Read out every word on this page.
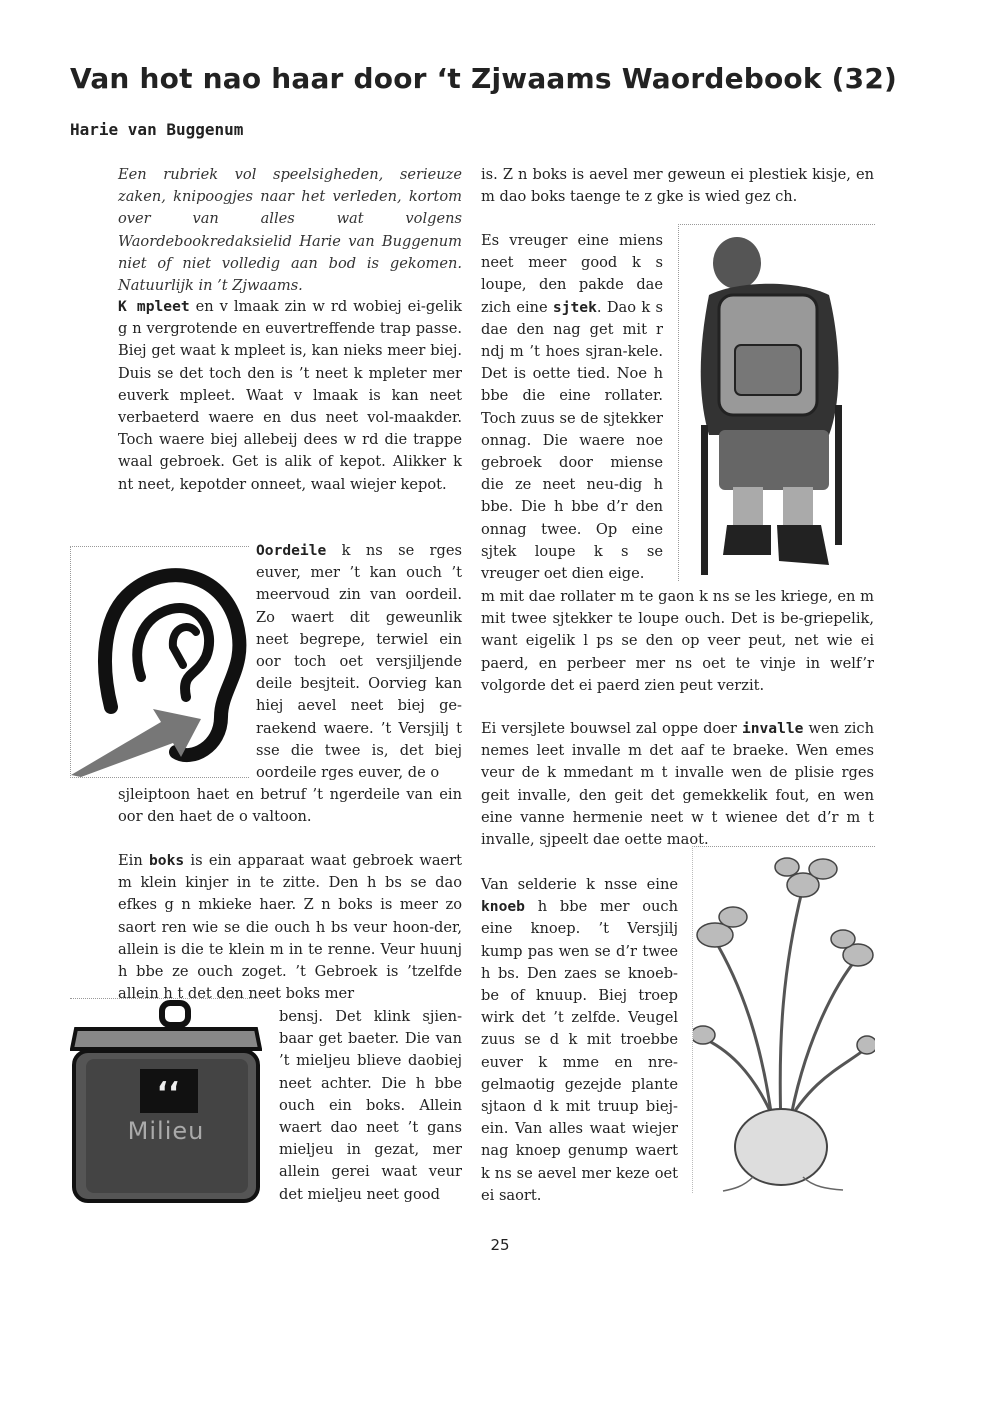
Van hot nao haar door ‘t Zjwaams Waordebook (32)
Harie van Buggenum

Een rubriek vol speelsigheden, serieuze zaken, knipoogjes naar het verleden, kortom over van alles wat volgens Waordebookredaksielid Harie van Buggenum niet of niet volledig aan bod is gekomen. Natuurlijk in ’t Zjwaams.

K mpleet en v lmaak zin w rd wobiej ei-gelik g n vergrotende en euvertreffende trap passe. Biej get waat k mpleet is, kan nieks meer biej. Duis se det toch den is ’t neet k mpleter mer euverk mpleet. Waat v lmaak is kan neet verbaeterd waere en dus neet vol-maakder. Toch waere biej allebeij dees w rd die trappe waal gebroek. Get is alik of kepot. Alikker k nt neet, kepotder onneet, waal wiejer kepot.

Oordeile k ns se rges euver, mer ’t kan ouch ’t meervoud zin van oordeil. Zo waert dit geweunlik neet begrepe, terwiel ein oor toch oet versjiljende deile besjteit. Oorvieg kan hiej aevel neet biej ge-raekend waere. ’t Versjilj t sse die twee is, det biej oordeile rges euver, de o

sjleiptoon haet en betruf ’t ngerdeile van ein oor den haet de o valtoon.

Ein boks is ein apparaat waat gebroek waert m klein kinjer in te zitte. Den h bs se dao efkes g n mkieke haer. Z n boks is meer zo saort ren wie se die ouch h bs veur hoon-der, allein is die te klein m in te renne. Veur huunj h bbe ze ouch zoget. ’t Gebroek is ’tzelfde allein h t det den neet boks mer

‘‘
Milieu

bensj. Det klink sjien-baar get baeter. Die van ’t mieljeu blieve daobiej neet achter. Die h bbe ouch ein boks. Allein waert dao neet ’t gans mieljeu in gezat, mer allein gerei waat veur det mieljeu neet good

is. Z n boks is aevel mer geweun ei plestiek kisje, en m dao boks taenge te z gke is wied gez ch.

Es vreuger eine miens neet meer good k s loupe, den pakde dae zich eine sjtek. Dao k s dae den nag get mit r ndj m ’t hoes sjran-kele. Det is oette tied. Noe h bbe die eine rollater. Toch zuus se de sjtekker onnag. Die waere noe gebroek door miense die ze neet neu-dig h bbe. Die h bbe d’r den onnag twee. Op eine sjtek loupe k s se vreuger oet dien eige.

m mit dae rollater m te gaon k ns se les kriege, en m mit twee sjtekker te loupe ouch. Det is be-griepelik, want eigelik l ps se den op veer peut, net wie ei paerd, en perbeer mer ns oet te vinje in welf’r volgorde det ei paerd zien peut verzit.

Ei versjlete bouwsel zal oppe doer invalle wen zich nemes leet invalle m det aaf te braeke. Wen emes veur de k mmedant m t invalle wen de plisie rges geit invalle, den geit det gemekkelik fout, en wen eine vanne hermenie neet w t wienee det d’r m t invalle, sjpeelt dae oette maot.

Van selderie k nsse eine knoeb h bbe mer ouch eine knoep. ’t Versjilj kump pas wen se d’r twee h bs. Den zaes se knoeb-be of knuup. Biej troep wirk det ’t zelfde. Veugel zuus se d k mit troebbe euver k mme en nre-gelmaotig gezejde plante sjtaon d k mit truup biej-ein. Van alles waat wiejer nag knoep genump waert k ns se aevel mer keze oet ei saort.

25
